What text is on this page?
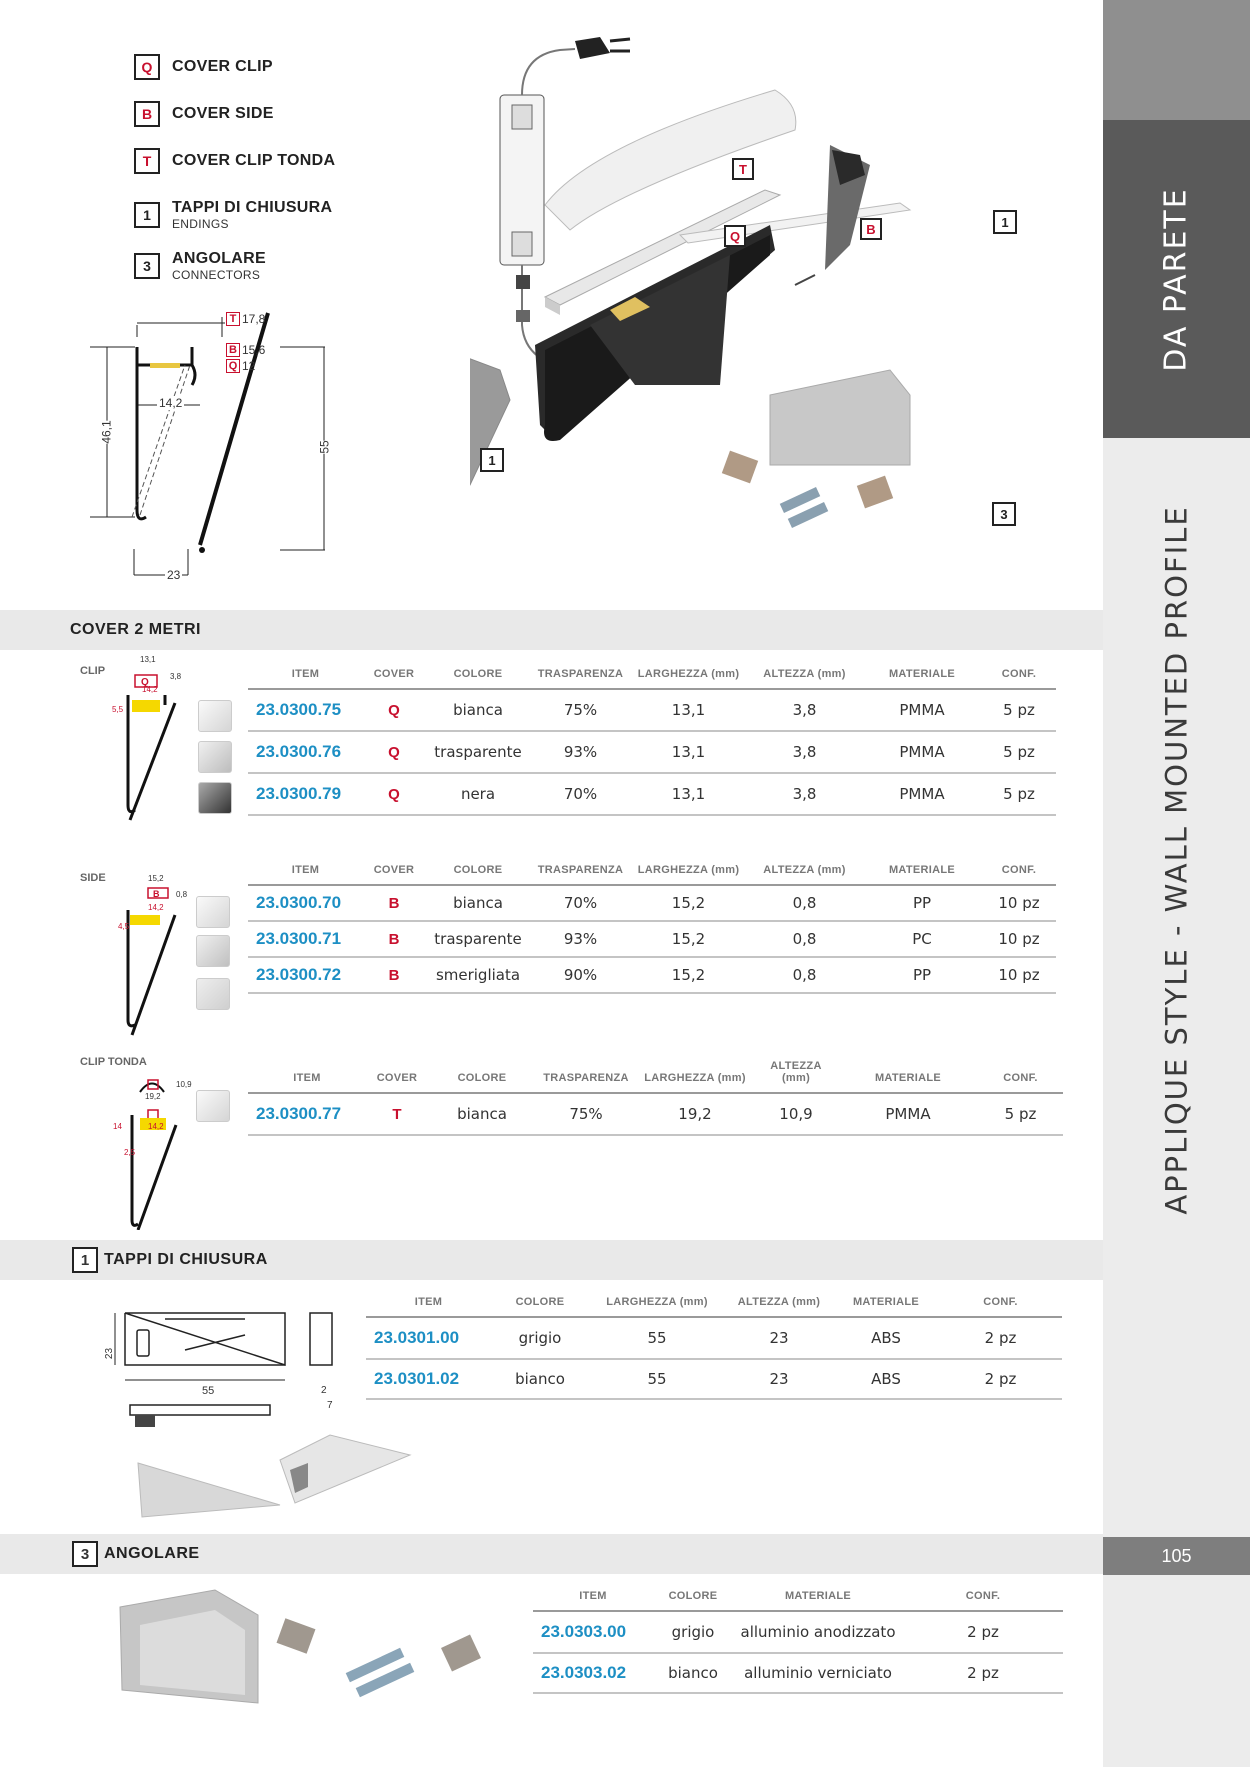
DA PARETE
APPLIQUE STYLE - WALL MOUNTED PROFILE
105
Q	COVER CLIP
B	COVER SIDE
T	COVER CLIP TONDA
1	TAPPI DI CHIUSURA
ENDINGS
3	ANGOLARE
CONNECTORS
T 17,8
B 15,6
Q 12
14,2
46,1
55
23
T
Q	B	1
1
3
COVER 2 METRI
CLIP
Q
13,1
3,8
14,2
5,5
ITEM	COVER	COLORE	TRASPARENZA	LARGHEZZA (mm)	ALTEZZA (mm)	MATERIALE	CONF.
23.0300.75	Q	bianca	75%	13,1	3,8	PMMA	5 pz
23.0300.76	Q	trasparente	93%	13,1	3,8	PMMA	5 pz
23.0300.79	Q	nera	70%	13,1	3,8	PMMA	5 pz
SIDE
B
15,2
0,8
14,2
4,5
ITEM	COVER	COLORE	TRASPARENZA	LARGHEZZA (mm)	ALTEZZA (mm)	MATERIALE	CONF.
23.0300.70	B	bianca	70%	15,2	0,8	PP	10 pz
23.0300.71	B	trasparente	93%	15,2	0,8	PC	10 pz
23.0300.72	B	smerigliata	90%	15,2	0,8	PP	10 pz
CLIP TONDA
19,2
10,9
14,2
14
2,5
ITEM	COVER	COLORE	TRASPARENZA	LARGHEZZA (mm)	ALTEZZA (mm)	MATERIALE	CONF.
23.0300.77	T	bianca	75%	19,2	10,9	PMMA	5 pz
1 TAPPI DI CHIUSURA
23
55	2
7
ITEM	COLORE	LARGHEZZA (mm)	ALTEZZA (mm)	MATERIALE	CONF.
23.0301.00	grigio	55	23	ABS	2 pz
23.0301.02	bianco	55	23	ABS	2 pz
3 ANGOLARE
ITEM	COLORE	MATERIALE	CONF.
23.0303.00	grigio	alluminio anodizzato	2 pz
23.0303.02	bianco	alluminio verniciato	2 pz
